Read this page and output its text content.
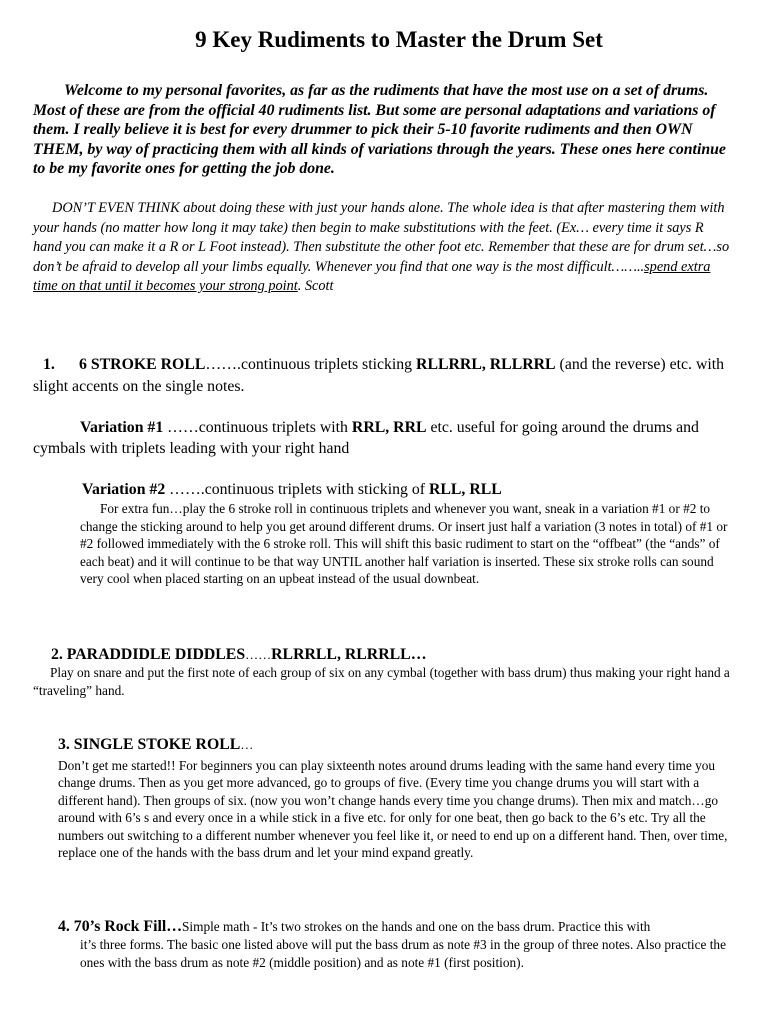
9 Key Rudiments to Master the Drum Set
Welcome to my personal favorites, as far as the rudiments that have the most use on a set of drums. Most of these are from the official 40 rudiments list. But some are personal adaptations and variations of them. I really believe it is best for every drummer to pick their 5-10 favorite rudiments and then OWN THEM, by way of practicing them with all kinds of variations through the years. These ones here continue to be my favorite ones for getting the job done.
DON’T EVEN THINK about doing these with just your hands alone. The whole idea is that after mastering them with your hands (no matter how long it may take) then begin to make substitutions with the feet. (Ex… every time it says R hand you can make it a R or L Foot instead). Then substitute the other foot etc. Remember that these are for drum set…so don’t be afraid to develop all your limbs equally. Whenever you find that one way is the most difficult……..spend extra time on that until it becomes your strong point. Scott
1. 6 STROKE ROLL…….continuous triplets sticking RLLRRL, RLLRRL (and the reverse) etc. with slight accents on the single notes.
Variation #1 ……continuous triplets with RRL, RRL etc. useful for going around the drums and cymbals with triplets leading with your right hand
Variation #2 …….continuous triplets with sticking of RLL, RLL
For extra fun…play the 6 stroke roll in continuous triplets and whenever you want, sneak in a variation #1 or #2 to change the sticking around to help you get around different drums. Or insert just half a variation (3 notes in total) of #1 or #2 followed immediately with the 6 stroke roll. This will shift this basic rudiment to start on the “offbeat” (the “ands” of each beat) and it will continue to be that way UNTIL another half variation is inserted. These six stroke rolls can sound very cool when placed starting on an upbeat instead of the usual downbeat.
2. PARADDIDLE DIDDLES……RLRRLL, RLRRLL…
Play on snare and put the first note of each group of six on any cymbal (together with bass drum) thus making your right hand a “traveling” hand.
3. SINGLE STOKE ROLL…
Don’t get me started!! For beginners you can play sixteenth notes around drums leading with the same hand every time you change drums. Then as you get more advanced, go to groups of five. (Every time you change drums you will start with a different hand). Then groups of six. (now you won’t change hands every time you change drums). Then mix and match…go around with 6’s s and every once in a while stick in a five etc. for only for one beat, then go back to the 6’s etc. Try all the numbers out switching to a different number whenever you feel like it, or need to end up on a different hand. Then, over time, replace one of the hands with the bass drum and let your mind expand greatly.
4. 70’s Rock Fill…Simple math - It’s two strokes on the hands and one on the bass drum. Practice this with
it’s three forms. The basic one listed above will put the bass drum as note #3 in the group of three notes. Also practice the ones with the bass drum as note #2 (middle position) and as note #1 (first position).
